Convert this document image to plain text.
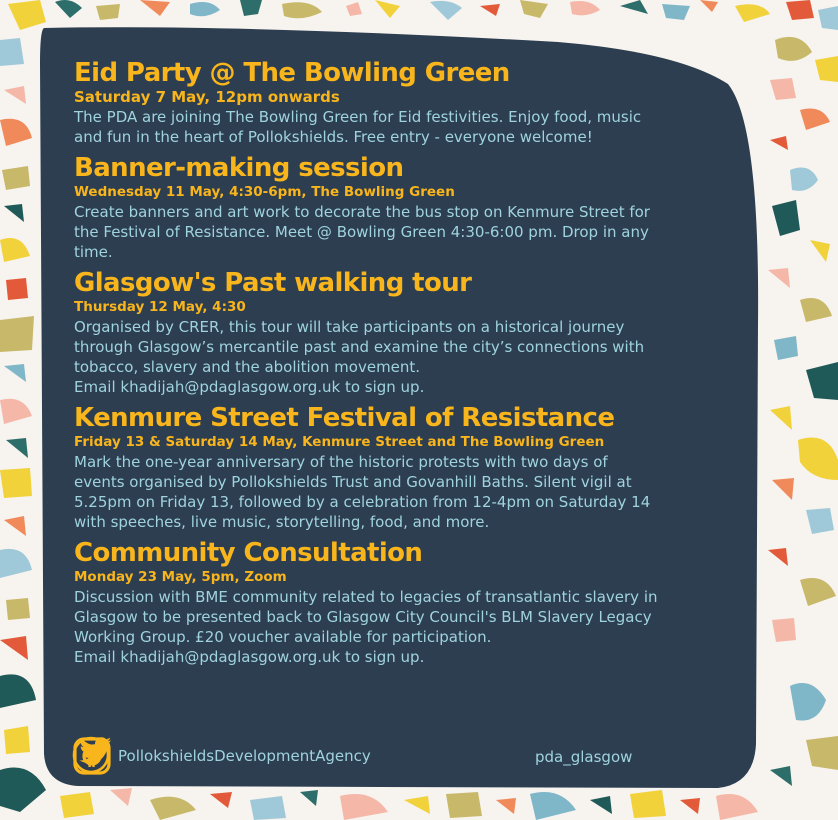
Eid Party @ The Bowling Green

Saturday 7 May, 12pm onwards

The PDA are joining The Bowling Green for Eid festivities. Enjoy food, music
and fun in the heart of Pollokshields. Free entry - everyone welcome!

Banner-making session

Wednesday 11 May, 4:30-6pm, The Bowling Green

Create banners and art work to decorate the bus stop on Kenmure Street for
the Festival of Resistance. Meet @ Bowling Green 4:30-6:00 pm. Drop in any
time.

Glasgow's Past walking tour

Thursday 12 May, 4:30

Organised by CRER, this tour will take participants on a historical journey
through Glasgow’s mercantile past and examine the city’s connections with
tobacco, slavery and the abolition movement.
Email khadijah@pdaglasgow.org.uk to sign up.

Kenmure Street Festival of Resistance

Friday 13 & Saturday 14 May, Kenmure Street and The Bowling Green

Mark the one-year anniversary of the historic protests with two days of
events organised by Pollokshields Trust and Govanhill Baths. Silent vigil at
5.25pm on Friday 13, followed by a celebration from 12-4pm on Saturday 14
with speeches, live music, storytelling, food, and more.

Community Consultation

Monday 23 May, 5pm, Zoom

Discussion with BME community related to legacies of transatlantic slavery in
Glasgow to be presented back to Glasgow City Council's BLM Slavery Legacy
Working Group. £20 voucher available for participation.
Email khadijah@pdaglasgow.org.uk to sign up.

PollokshieldsDevelopmentAgency	pda_glasgow
